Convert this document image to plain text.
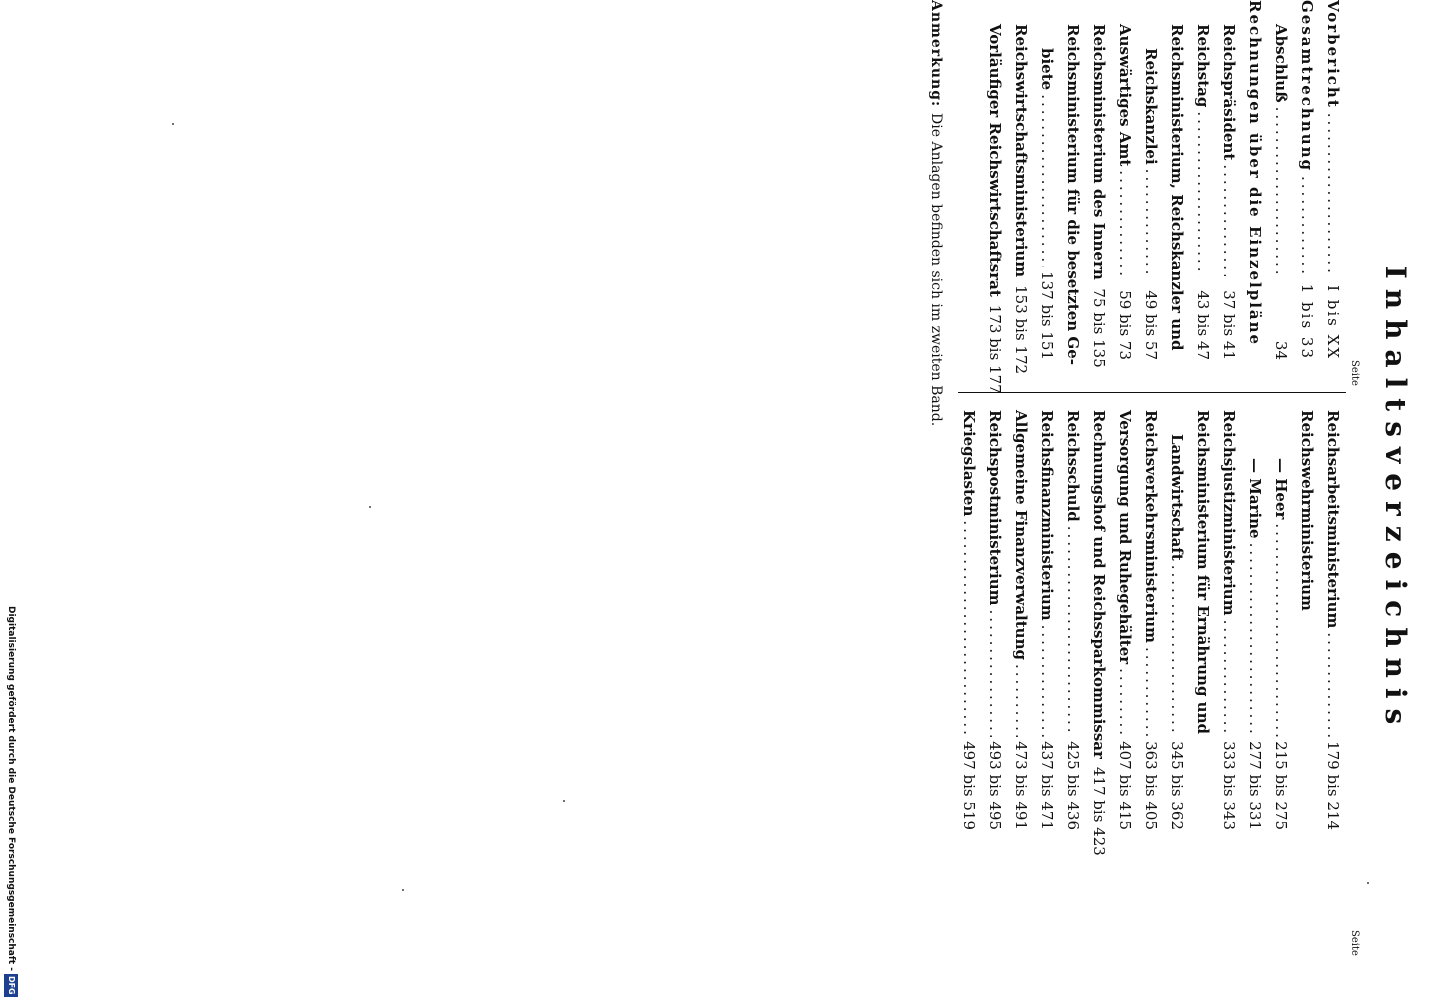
Inhaltsverzeichnis
Seite
Seite
Vorbericht
.....
I bis XX
Gesamtrechnung
.....
1 bis 33
Abschluß
.....
34
Rechnungen über die Einzelpläne
Reichspräsident
.....
37 bis 41
Reichstag
.....
43 bis 47
Reichsministerium, Reichskanzler und
Reichskanzlei
.....
49 bis 57
Auswärtiges Amt
.....
59 bis 73
Reichsministerium des Innern
75 bis 135
Reichsministerium für die besetzten Ge-
biete
.....
137 bis 151
Reichswirtschaftsministerium
153 bis 172
Vorläufiger Reichswirtschaftsrat
173 bis 177
Reichsarbeitsministerium
.....
179 bis 214
Reichswehrministerium
— Heer
.....
215 bis 275
— Marine
.....
277 bis 331
Reichsjustizministerium
.....
333 bis 343
Reichsministerium für Ernährung und
Landwirtschaft
.....
345 bis 362
Reichsverkehrsministerium
.....
363 bis 405
Versorgung und Ruhegehälter
.....
407 bis 415
Rechnungshof und Reichssparkommissar
417 bis 423
Reichsschuld
.....
425 bis 436
Reichsfinanzministerium
.....
437 bis 471
Allgemeine Finanzverwaltung
.....
473 bis 491
Reichspostministerium
.....
493 bis 495
Kriegslasten
.....
497 bis 519
Anmerkung: Die Anlagen befinden sich im zweiten Band.
Digitalisierung gefördert durch die Deutsche Forschungsgemeinschaft -DFG
